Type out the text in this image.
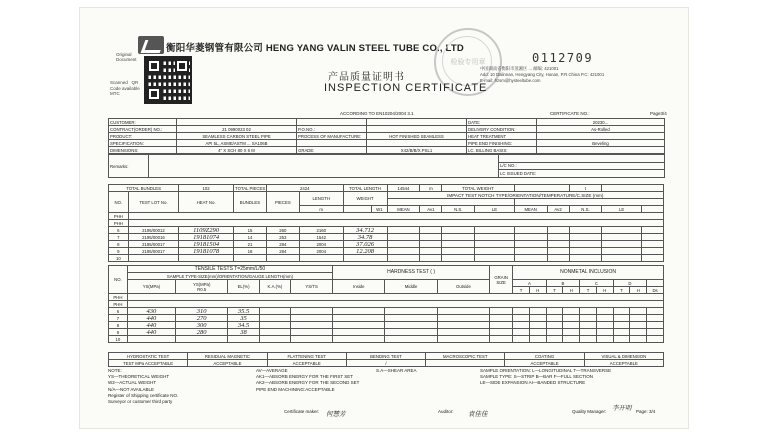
衡阳华菱钢管有限公司 HENG YANG VALIN STEEL TUBE CO., LTD
Original
Document
Scanned   QR
Code available
MTC
检验专用章	0112709
中国湖南省衡阳市蒸湘区 ... 邮编: 421001
Add: 10 Dalinnan, Hengyang City, Hunan, P.R.China P.C: 421001
E-mail: hzsm@hysteeltube.com
产品质量证明书
INSPECTION CERTIFICATE
ACCORDING TO EN10204/2004 3.1	CERTIFICATE NO.:	Page3/4
CUSTOMER:				DATE:	20230...
CONTRACT(ORDER) NO.:	21 0990023 02	P.O.NO.:		DELIVERY CONDITION:	As-Rolled
PRODUCT:	SEAMLESS CARBON STEEL PIPE	PROCESS OF MANUFACTURE:	HOT FINISHED SEAMLESS	HEAT TREATMENT	
SPECIFICATION:	API 5L, ASME/ASTM ... SA106B			PIPE END FINISHING:	Beveling
DIMENSIONS:	4" X SCH 80 X 6 M	GRADE:	X42/B/B/X.PSL1	LC. BILLING BASIS:	
Remarks:		
L/C NO.:
LC ISSUED DATE:
TOTAL BUNDLES		102	TOTAL PIECES	2424		TOTAL LENGTH		14544	m	TOTAL WEIGHT				t		
NO.	TEST LOT No.	HEAT No.	BUNDLES	PIECES	LENGTH	WEIGHT		IMPACT TEST NOTCH TYPE/ORIENTATION/TEMPERATURE/C.SIZE (mm)								

					m		W1	MEAN	Av1	N.S.	LE	MEAN	Av2	N.S.	LE	
PHH																
PHH																
6	2195/00012	1109Z290	15	260	2160	34.712										
7	2195/00016	19181074	14	253	1542	34.78										
8	2195/00017	19181504	21	284	2004	37.026										
9	2195/00017	19181078	18	284	2004	12.208										
10																
NO.	TENSILE TESTS T=25mm/L/50					HARDNESS TEST ( )			GRAIN
SIZE	NONMETAL INCLUSION								
	SAMPLE TYPE-SIZE(mm)/ORIENTATION/GAUGE LENGTH(mm)																	
	YS(MPa)	YS(MPa)
R0.5	EL(%)	K.A.(%)	YS/TS	Inside	Middle	Outside		A		B		C		D		
										T	H	T	H	T	H	T	H	Ds
PHH																		
PHH																		
6	430	310	35.5															
7	440	270	35															
8	440	300	34.5															
9	440	280	38															
10																		
HYDROSTATIC TEST	RESIDUAL MAGNETIC	FLATTENING TEST	BENDING TEST	MACROSCOPIC TEST	COATING	VISUAL & DIMENSION
TEST MPa ACCEPTABLE	ACCEPTABLE	ACCEPTABLE	/		ACCEPTABLE	ACCEPTABLE
NOTE:
YS—THEORETICAL WEIGHT
W2—ACTUAL WEIGHT
N/A—NOT AVAILABLE
Register of Shipping certificate NO.
Surveyor or customer third party
AV—AVERAGE
AK1—ABSORB ENERGY FOR THE FIRST SET
AK2—ABSORB ENERGY FOR THE SECOND SET
PIPE END MACHINING:ACCEPTABLE
S.A—SHEAR AREA	SAMPLE ORIENTATION: L—LONGITUDINAL T—TRANSVERSE
SAMPLE TYPE: S—STRIP B—BAR F—FULL SECTION
LE—SIDE EXPANSION AI—BANDED STRUCTURE
Certificate maker: 何慧芳	Auditor: 袁佳佳	Quality Manager: 李开明 Page: 3/4
